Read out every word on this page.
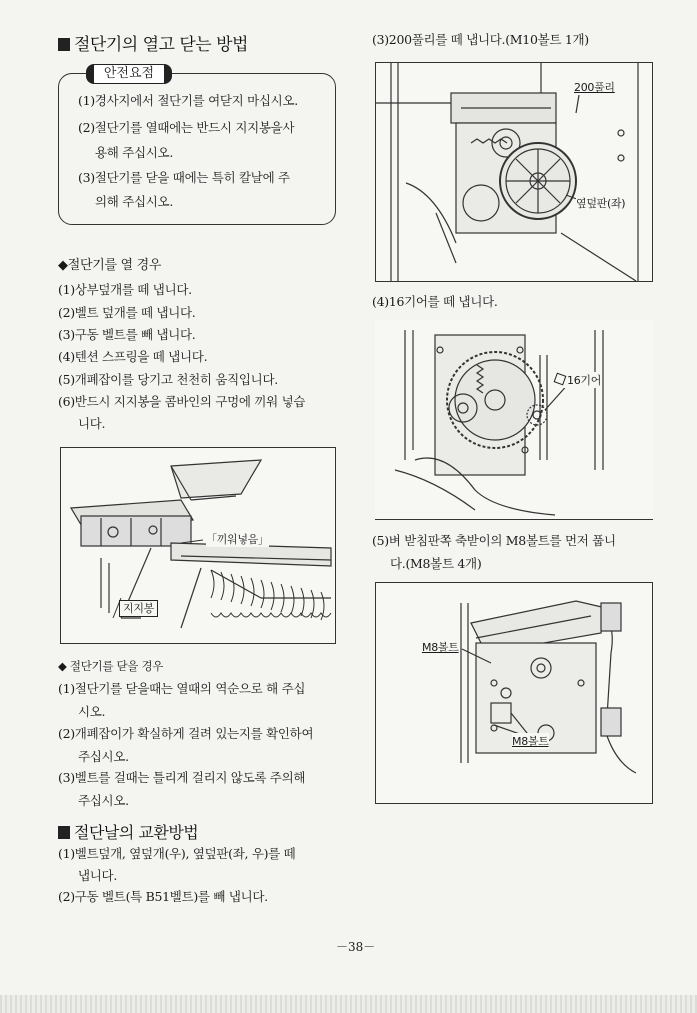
절단기의 열고 닫는 방법
안전요점
(1)경사지에서 절단기를 여닫지 마십시오.
(2)절단기를 열때에는 반드시 지지봉을사
용해 주십시오.
(3)절단기를 닫을 때에는 특히 칼날에 주
의해 주십시오.
◆절단기를 열 경우
(1)상부덮개를 떼 냅니다.
(2)벨트 덮개를 떼 냅니다.
(3)구동 벨트를 빼 냅니다.
(4)텐션 스프링을 떼 냅니다.
(5)개폐잡이를 당기고 천천히 움직입니다.
(6)반드시 지지봉을 콤바인의 구멍에 끼워 넣습
니다.
「끼워넣음」
지지봉
◆ 절단기를 닫을 경우
(1)절단기를 닫을때는 열때의 역순으로 해 주십
시오.
(2)개폐잡이가 확실하게 걸려 있는지를 확인하여
주십시오.
(3)벨트를 걸때는 틀리게 걸리지 않도록 주의해
주십시오.
절단날의 교환방법
(1)벨트덮개, 옆덮개(우), 옆덮판(좌, 우)를 떼
냅니다.
(2)구동 벨트(특 B51벨트)를 빼 냅니다.
(3)200풀리를 떼 냅니다.(M10볼트 1개)
200풀리
옆덮판(좌)
(4)16기어를 떼 냅니다.
16기어
(5)벼 받침판쪽 축받이의 M8볼트를 먼저 풉니
다.(M8볼트 4개)
M8볼트
M8볼트
－38－
